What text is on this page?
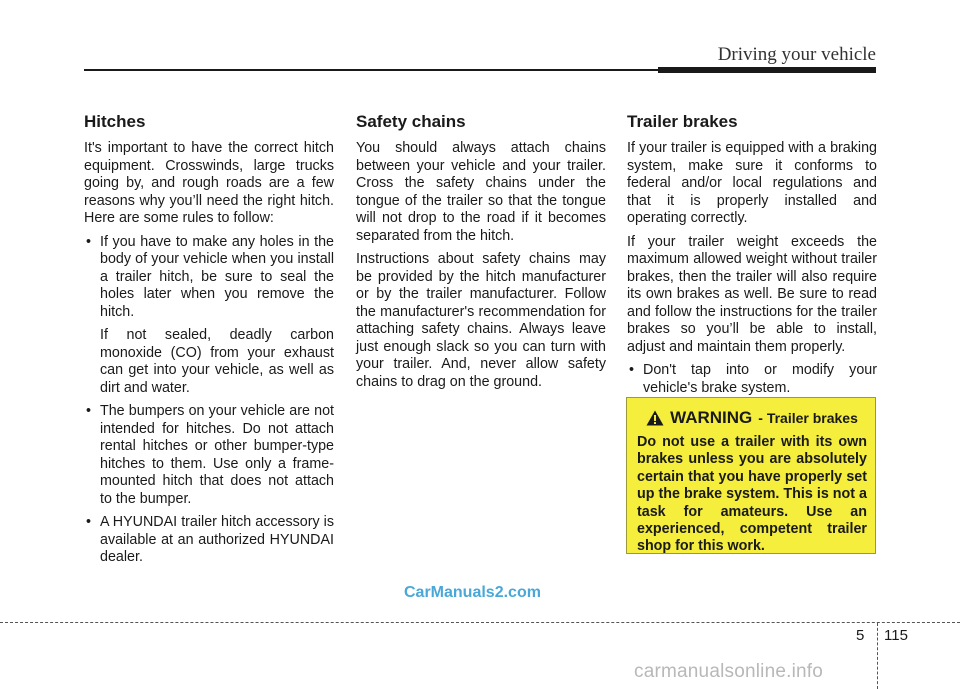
Driving your vehicle
Hitches

It's important to have the correct hitch equipment. Crosswinds, large trucks going by, and rough roads are a few reasons why you’ll need the right hitch. Here are some rules to follow:

• If you have to make any holes in the body of your vehicle when you install a trailer hitch, be sure to seal the holes later when you remove the hitch.
If not sealed, deadly carbon monoxide (CO) from your exhaust can get into your vehicle, as well as dirt and water.
• The bumpers on your vehicle are not intended for hitches. Do not attach rental hitches or other bumper-type hitches to them. Use only a frame-mounted hitch that does not attach to the bumper.
• A HYUNDAI trailer hitch accessory is available at an authorized HYUNDAI dealer.
Safety chains

You should always attach chains between your vehicle and your trailer. Cross the safety chains under the tongue of the trailer so that the tongue will not drop to the road if it becomes separated from the hitch.

Instructions about safety chains may be provided by the hitch manufacturer or by the trailer manufacturer. Follow the manufacturer's recommendation for attaching safety chains. Always leave just enough slack so you can turn with your trailer. And, never allow safety chains to drag on the ground.

Trailer brakes

If your trailer is equipped with a braking system, make sure it conforms to federal and/or local regulations and that it is properly installed and operating correctly.

If your trailer weight exceeds the maximum allowed weight without trailer brakes, then the trailer will also require its own brakes as well. Be sure to read and follow the instructions for the trailer brakes so you’ll be able to install, adjust and maintain them properly.

• Don't tap into or modify your vehicle's brake system.
WARNING - Trailer brakes

Do not use a trailer with its own brakes unless you are absolutely certain that you have properly set up the brake system. This is not a task for amateurs. Use an experienced, competent trailer shop for this work.

CarManuals2.com
5 115
carmanualsonline.info
